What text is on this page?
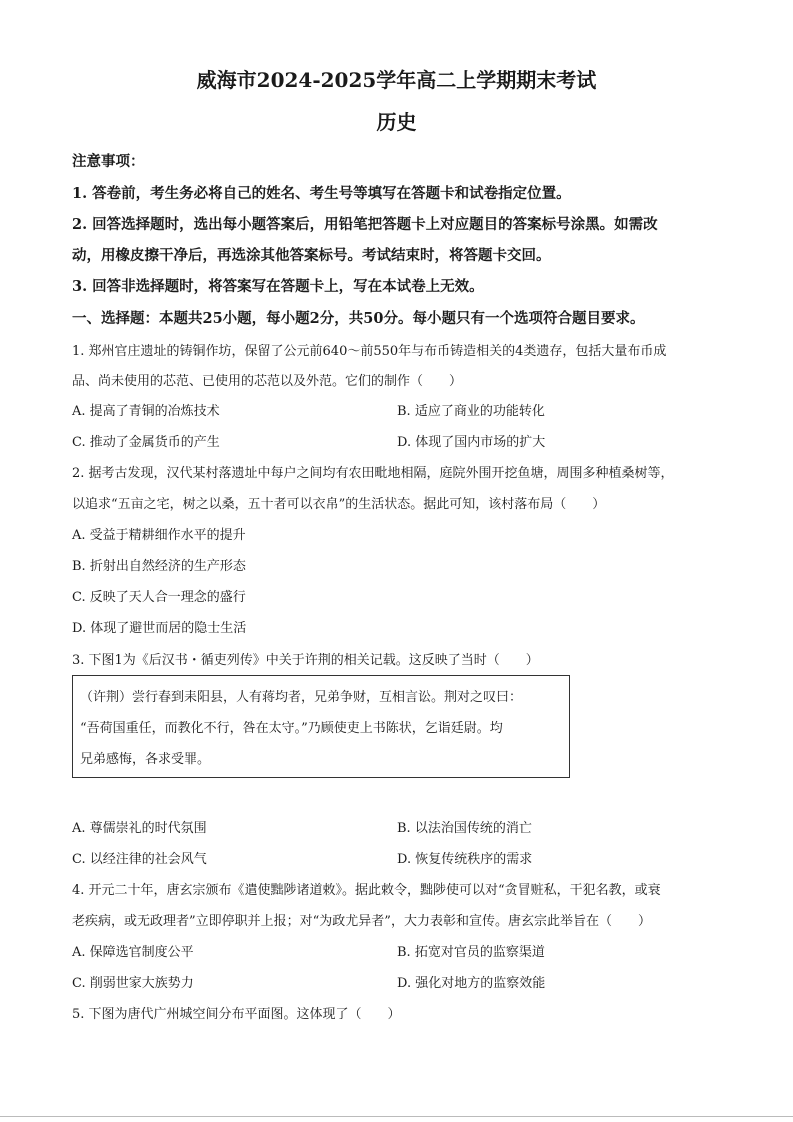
威海市2024-2025学年高二上学期期末考试
历史
注意事项：
1. 答卷前，考生务必将自己的姓名、考生号等填写在答题卡和试卷指定位置。
2. 回答选择题时，选出每小题答案后，用铅笔把答题卡上对应题目的答案标号涂黑。如需改
动，用橡皮擦干净后，再选涂其他答案标号。考试结束时，将答题卡交回。
3. 回答非选择题时，将答案写在答题卡上，写在本试卷上无效。
一、选择题：本题共25小题，每小题2分，共50分。每小题只有一个选项符合题目要求。
1. 郑州官庄遗址的铸铜作坊，保留了公元前640～前550年与布币铸造相关的4类遗存，包括大量布币成
品、尚未使用的芯范、已使用的芯范以及外范。它们的制作（　　）
A. 提高了青铜的冶炼技术	B. 适应了商业的功能转化
C. 推动了金属货币的产生	D. 体现了国内市场的扩大
2. 据考古发现，汉代某村落遗址中每户之间均有农田毗地相隔，庭院外围开挖鱼塘，周围多种植桑树等，
以追求“五亩之宅，树之以桑，五十者可以衣帛”的生活状态。据此可知，该村落布局（　　）
A. 受益于精耕细作水平的提升
B. 折射出自然经济的生产形态
C. 反映了天人合一理念的盛行
D. 体现了避世而居的隐士生活
3. 下图1为《后汉书・循吏列传》中关于许荆的相关记载。这反映了当时（　　）
（许荆）尝行春到耒阳县，人有蒋均者，兄弟争财，互相言讼。荆对之叹曰：
“吾荷国重任，而教化不行，咎在太守。”乃顾使吏上书陈状，乞诣廷尉。均
兄弟感悔，各求受罪。
A. 尊儒崇礼的时代氛围	B. 以法治国传统的消亡
C. 以经注律的社会风气	D. 恢复传统秩序的需求
4. 开元二十年，唐玄宗颁布《遣使黜陟诸道敕》。据此敕令，黜陟使可以对“贪冒赃私，干犯名教，或衰
老疾病，或无政理者”立即停职并上报；对“为政尤异者”，大力表彰和宣传。唐玄宗此举旨在（　　）
A. 保障选官制度公平	B. 拓宽对官员的监察渠道
C. 削弱世家大族势力	D. 强化对地方的监察效能
5. 下图为唐代广州城空间分布平面图。这体现了（　　）
